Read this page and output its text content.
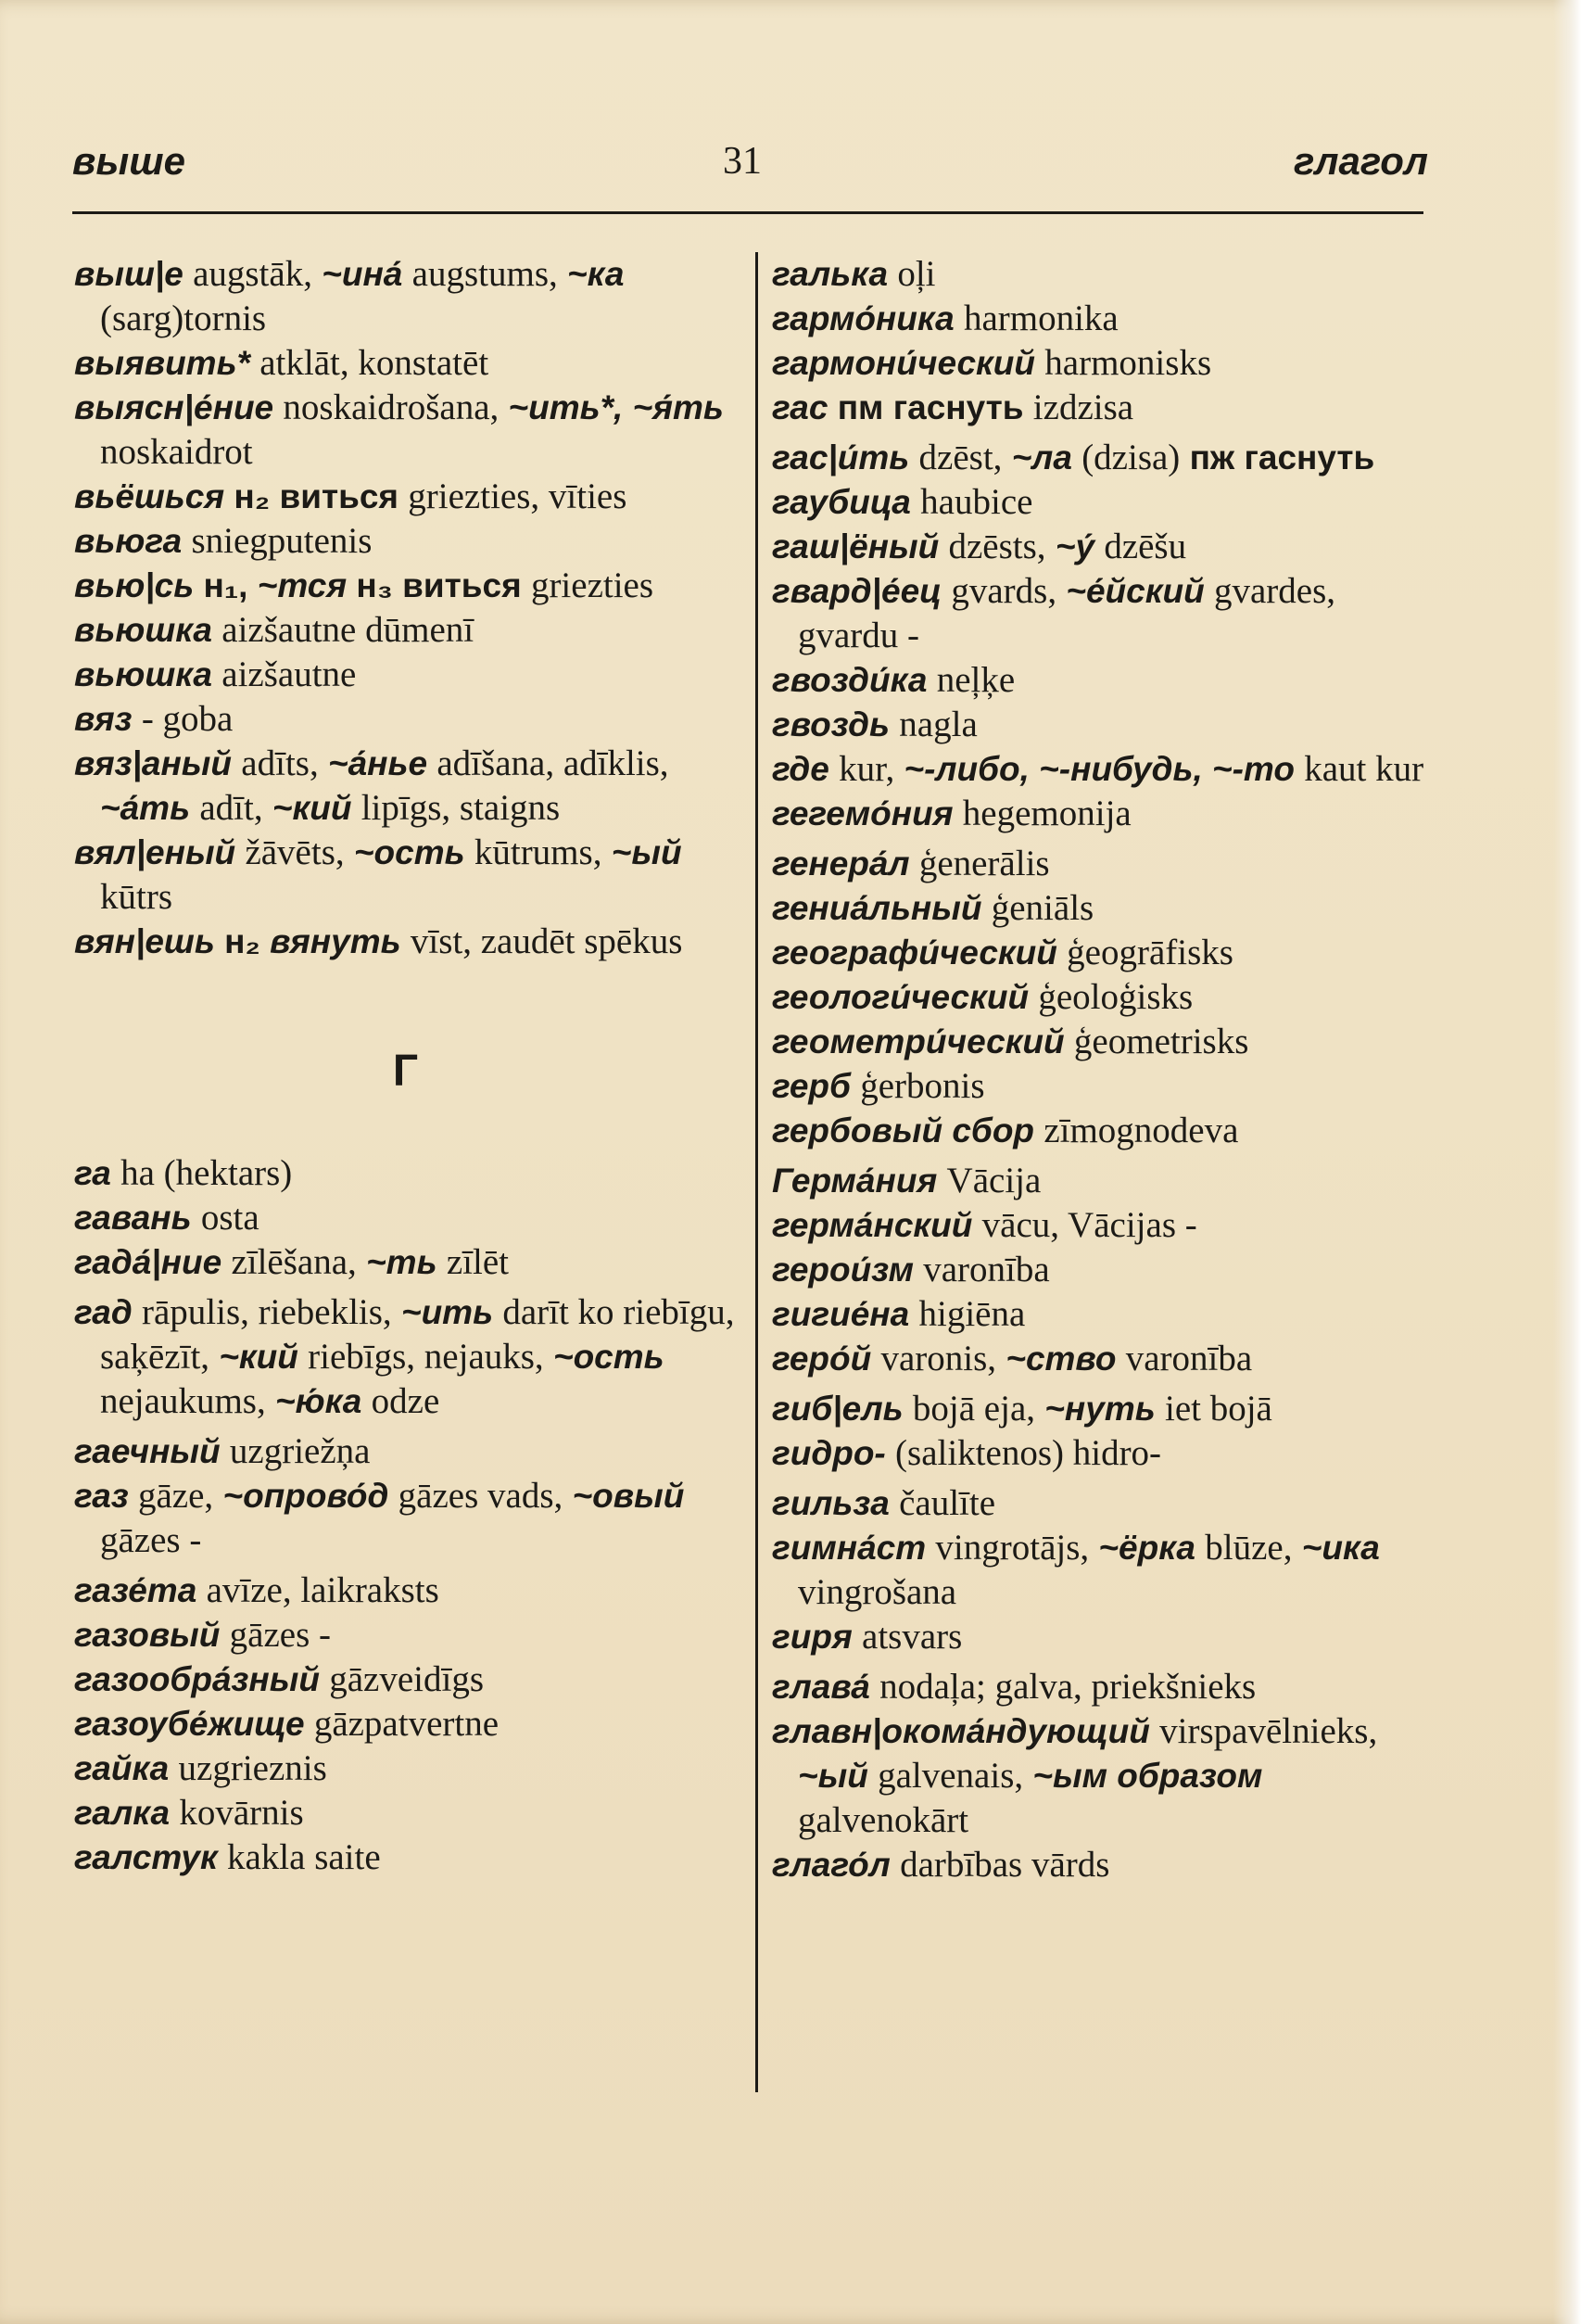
выше	31	глагол

выш|е augstāk, ~ина́ augstums, ~ка (sarg)tornis

выявить* atklāt, konstatēt

выясн|е́ние noskaidrošana, ~ить*, ~я́ть noskaidrot

вьёшься н₂ виться griezties, vīties

вьюга sniegputenis

вью|сь н₁, ~тся н₃ виться griezties

вьюшка aizšautne dūmenī

вьюшка aizšautne

вяз - goba

вяз|аный adīts, ~а́нье adīšana, adīklis, ~а́ть adīt, ~кий lipīgs, staigns

вял|еный žāvēts, ~ость kūtrums, ~ый kūtrs

вян|ешь н₂ вянуть vīst, zaudēt spēkus

Г

га ha (hektars)

гавань osta

гада́|ние zīlēšana, ~ть zīlēt

гад rāpulis, riebeklis, ~ить darīt ko riebīgu, saķēzīt, ~кий riebīgs, nejauks, ~ость nejaukums, ~ю́ка odze

гаечный uzgriežņa

газ gāze, ~опрово́д gāzes vads, ~овый gāzes -

газе́та avīze, laikraksts

газовый gāzes -

газообра́зный gāzveidīgs

газоубе́жище gāzpatvertne

гайка uzgrieznis

галка kovārnis

галстук kakla saite

галька oļi

гармо́ника harmonika

гармони́ческий harmonisks

гас пм гаснуть izdzisa

гас|и́ть dzēst, ~ла (dzisa) пж гаснуть

гаубица haubice

гаш|ёный dzēsts, ~у́ dzēšu

гвард|е́ец gvards, ~е́йский gvardes, gvardu -

гвозди́ка neļķe

гвоздь nagla

где kur, ~-либо, ~-нибудь, ~-то kaut kur

гегемо́ния hegemonija

генера́л ģenerālis

гениа́льный ģeniāls

географи́ческий ģeogrāfisks

геологи́ческий ģeoloģisks

геометри́ческий ģeometrisks

герб ģerbonis

гербовый сбор zīmognodeva

Герма́ния Vācija

герма́нский vācu, Vācijas -

герои́зм varonība

гигие́на higiēna

геро́й varonis, ~ство varonība

гиб|ель bojā eja, ~нуть iet bojā

гидро- (saliktenos) hidro-

гильза čaulīte

гимна́ст vingrotājs, ~ёрка blūze, ~ика vingrošana

гиря atsvars

глава́ nodaļa; galva, priekšnieks

главн|окома́ндующий virspavēlnieks, ~ый galvenais, ~ым образом galvenokārt

глаго́л darbības vārds
